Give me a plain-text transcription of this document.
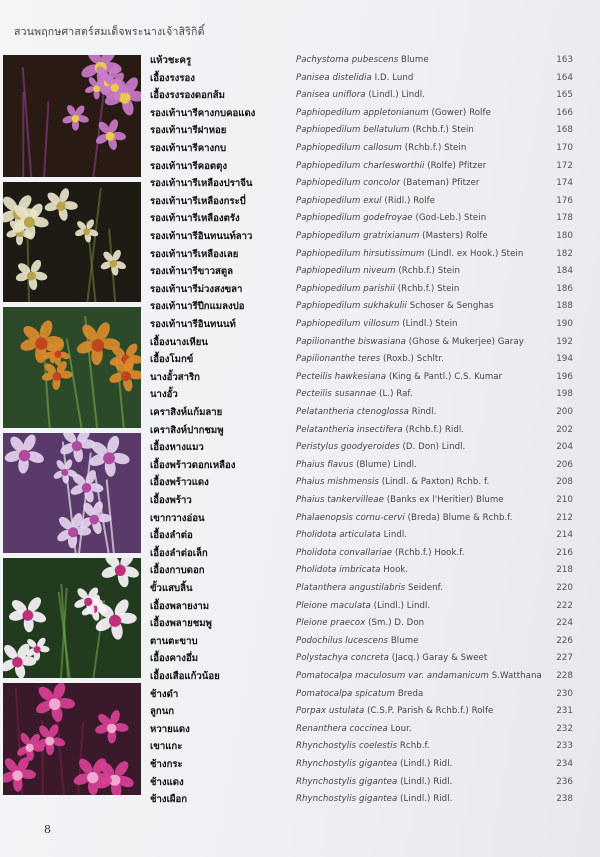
สวนพฤกษศาสตร์สมเด็จพระนางเจ้าสิริกิติ์
แห้วชะครู	Pachystoma pubescens Blume	163
เอื้องรงรอง	Panisea distelidia I.D. Lund	164
เอื้องรงรองดอกส้ม	Panisea uniflora (Lindl.) Lindl.	165
รองเท้านารีคางกบคอแดง	Paphiopedilum appletonianum (Gower) Rolfe	166
รองเท้านารีฝาหอย	Paphiopedilum bellatulum (Rchb.f.) Stein	168
รองเท้านารีคางกบ	Paphiopedilum callosum (Rchb.f.) Stein	170
รองเท้านารีคอตตุง	Paphiopedilum charlesworthii (Rolfe) Pfitzer	172
รองเท้านารีเหลืองปราจีน	Paphiopedilum concolor (Bateman) Pfitzer	174
รองเท้านารีเหลืองกระบี่	Paphiopedilum exul (Ridl.) Rolfe	176
รองเท้านารีเหลืองตรัง	Paphiopedilum godefroyae (God-Leb.) Stein	178
รองเท้านารีอินทนนท์ลาว	Paphiopedilum gratrixianum (Masters) Rolfe	180
รองเท้านารีเหลืองเลย	Paphiopedilum hirsutissimum (Lindl. ex Hook.) Stein	182
รองเท้านารีขาวสตูล	Paphiopedilum niveum (Rchb.f.) Stein	184
รองเท้านารีม่วงสงขลา	Paphiopedilum parishii (Rchb.f.) Stein	186
รองเท้านารีปีกแมลงปอ	Paphiopedilum sukhakulii Schoser & Senghas	188
รองเท้านารีอินทนนท์	Paphiopedilum villosum (Lindl.) Stein	190
เอื้องนางเหียน	Papilionanthe biswasiana (Ghose & Mukerjee) Garay	192
เอื้องโมกข์	Papilionanthe teres (Roxb.) Schltr.	194
นางอั้วสาริก	Pecteilis hawkesiana (King & Pantl.) C.S. Kumar	196
นางอั้ว	Pecteilis susannae (L.) Raf.	198
เคราสิงห์แก้มลาย	Pelatantheria ctenoglossa Rindl.	200
เคราสิงห์ปากชมพู	Pelatantheria insectifera (Rchb.f.) Ridl.	202
เอื้องหางแมว	Peristylus goodyeroides (D. Don) Lindl.	204
เอื้องพร้าวดอกเหลือง	Phaius flavus (Blume) Lindl.	206
เอื้องพร้าวแดง	Phaius mishmensis (Lindl. & Paxton) Rchb. f.	208
เอื้องพร้าว	Phaius tankervilleae (Banks ex l'Heritier) Blume	210
เขากวางอ่อน	Phalaenopsis cornu-cervi (Breda) Blume & Rchb.f.	212
เอื้องลำต่อ	Pholidota articulata Lindl.	214
เอื้องลำต่อเล็ก	Pholidota convallariae (Rchb.f.) Hook.f.	216
เอื้องกาบดอก	Pholidota imbricata Hook.	218
ขั้วแสบลิ้น	Platanthera angustilabris Seidenf.	220
เอื้องพลายงาม	Pleione maculata (Lindl.) Lindl.	222
เอื้องพลายชมพู	Pleione praecox (Sm.) D. Don	224
ตานตะขาบ	Podochilus lucescens Blume	226
เอื้องคางอึ่ม	Polystachya concreta (Jacq.) Garay & Sweet	227
เอื้องเสือแก้วน้อย	Pomatocalpa maculosum var. andamanicum S.Watthana 228
ช้างดำ	Pomatocalpa spicatum Breda	230
ลูกนก	Porpax ustulata (C.S.P. Parish & Rchb.f.) Rolfe	231
หวายแดง	Renanthera coccinea Lour.	232
เขาแกะ	Rhynchostylis coelestis Rchb.f.	233
ช้างกระ	Rhynchostylis gigantea (Lindl.) Ridl.	234
ช้างแดง	Rhynchostylis gigantea (Lindl.) Ridl.	236
ช้างเผือก	Rhynchostylis gigantea (Lindl.) Ridl.	238
8
